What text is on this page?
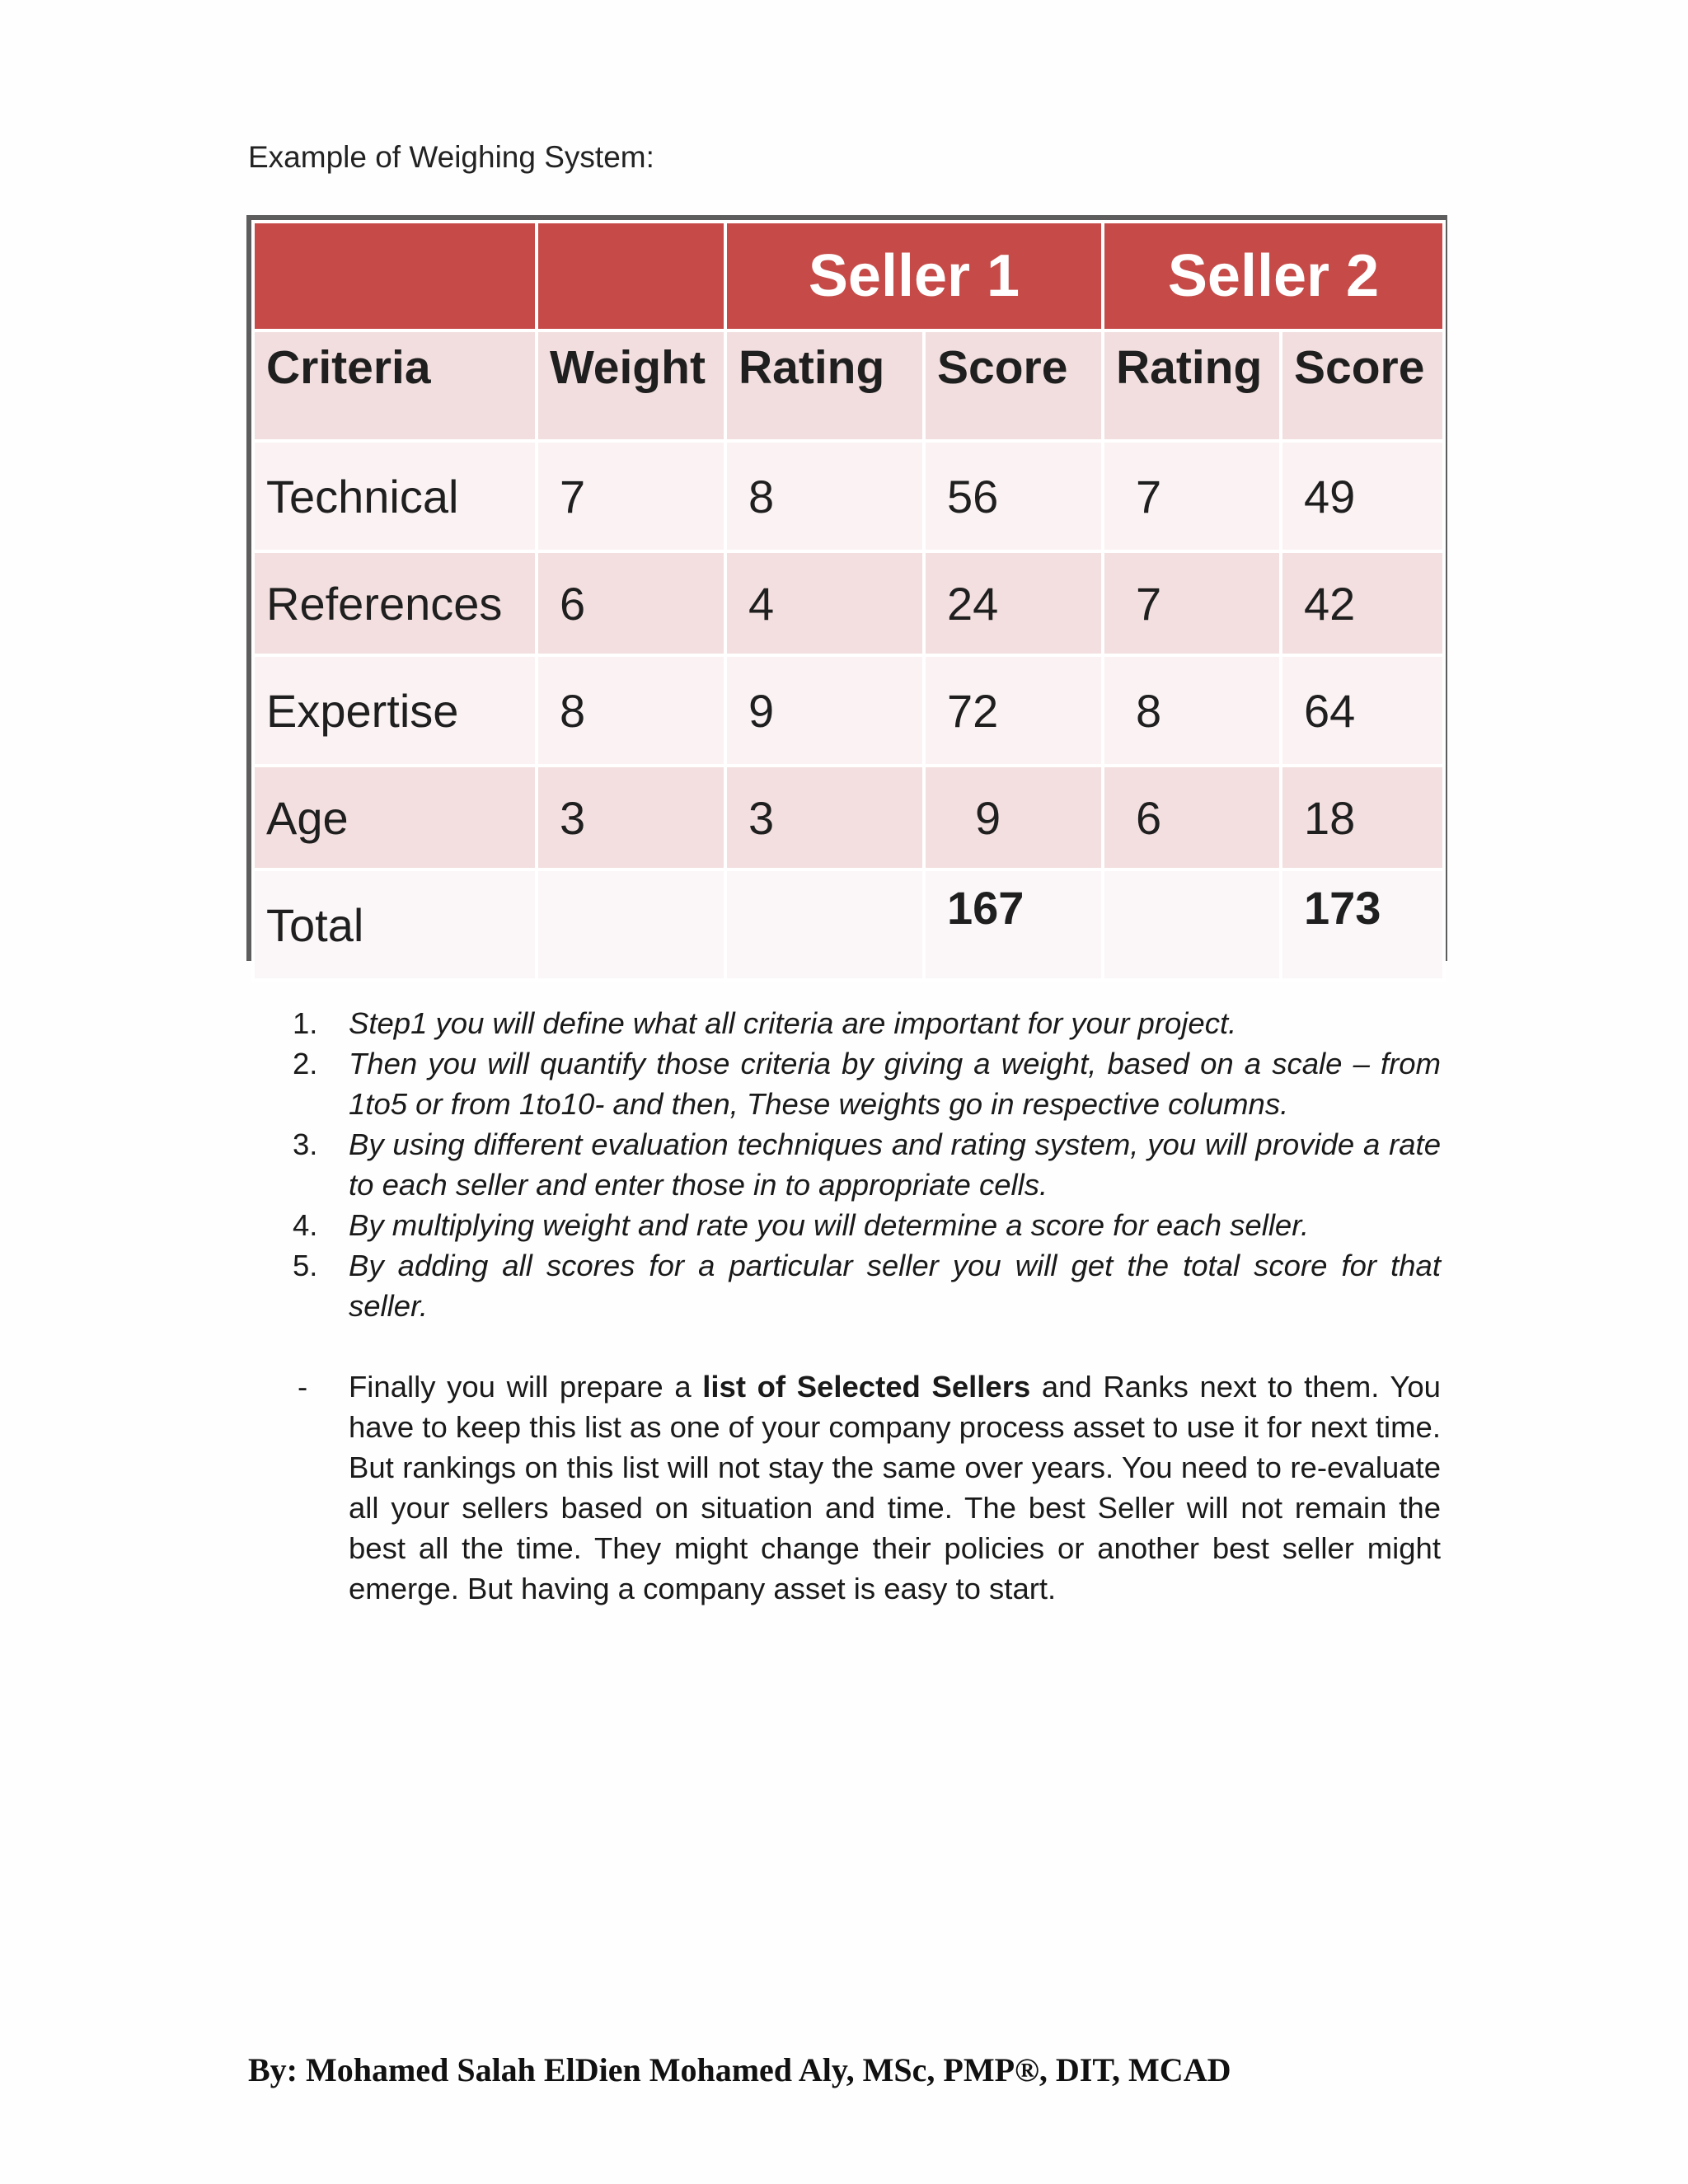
Example of Weighing System:
		Seller 1		Seller 2	
Criteria	Weight	Rating	Score	Rating	Score
Technical	7	8	56	7	49
References	6	4	24	7	42
Expertise	8	9	72	8	64
Age	3	3	9	6	18
Total			167		173
1. Step1 you will define what all criteria are important for your project.
2. Then you will quantify those criteria by giving a weight, based on a scale – from 1to5 or from 1to10- and then, These weights go in respective columns.
3. By using different evaluation techniques and rating system, you will provide a rate to each seller and enter those in to appropriate cells.
4. By multiplying weight and rate you will determine a score for each seller.
5. By adding all scores for a particular seller you will get the total score for that seller.
-	Finally you will prepare a list of Selected Sellers and Ranks next to them. You have to keep this list as one of your company process asset to use it for next time. But rankings on this list will not stay the same over years. You need to re-evaluate all your sellers based on situation and time. The best Seller will not remain the best all the time. They might change their policies or another best seller might emerge. But having a company asset is easy to start.
By: Mohamed Salah ElDien Mohamed Aly, MSc, PMP®, DIT, MCAD
